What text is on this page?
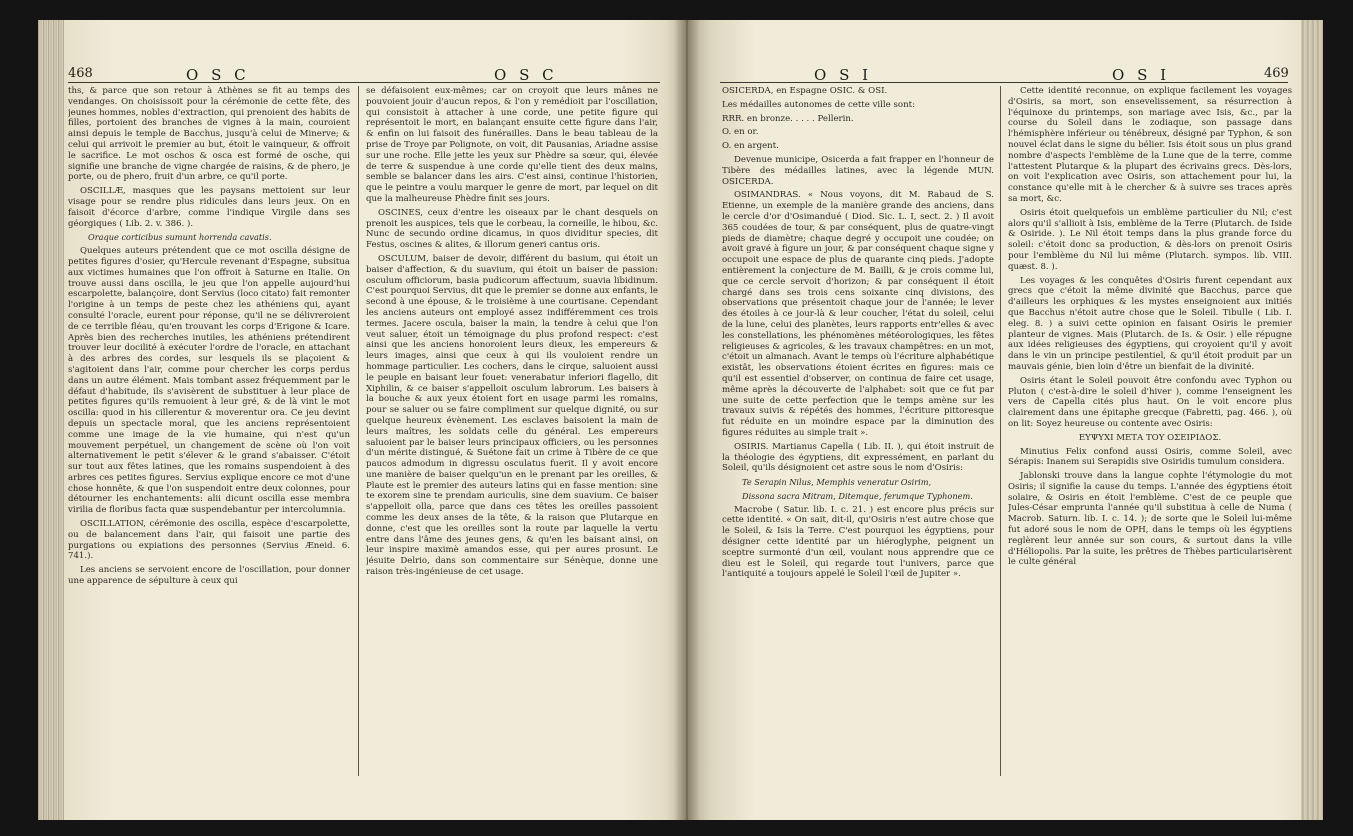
468	O S C	O S C

ths, & parce que son retour à Athènes se fit au temps des vendanges. On choisissoit pour la cérémonie de cette fête, des jeunes hommes, nobles d'extraction, qui prenoient des habits de filles, portoient des branches de vignes à la main, couroient ainsi depuis le temple de Bacchus, jusqu'à celui de Minerve; & celui qui arrivoit le premier au but, étoit le vainqueur, & offroit le sacrifice. Le mot oschos & osca est formé de osche, qui signifie une branche de vigne chargée de raisins, & de phero, je porte, ou de phero, fruit d'un arbre, ce qu'il porte.

OSCILLÆ, masques que les paysans mettoient sur leur visage pour se rendre plus ridicules dans leurs jeux. On en faisoit d'écorce d'arbre, comme l'indique Virgile dans ses géorgiques ( Lib. 2. v. 386. ).

Oraque corticibus sumunt horrenda cavatis.

Quelques auteurs prétendent que ce mot oscilla désigne de petites figures d'osier, qu'Hercule revenant d'Espagne, subsitua aux victimes humaines que l'on offroit à Saturne en Italie. On trouve aussi dans oscilla, le jeu que l'on appelle aujourd'hui escarpolette, balançoire, dont Servius (loco citato) fait remonter l'origine à un temps de peste chez les athéniens qui, ayant consulté l'oracle, eurent pour réponse, qu'il ne se délivreroient de ce terrible fléau, qu'en trouvant les corps d'Erigone & Icare. Après bien des recherches inutiles, les athéniens prétendirent trouver leur docilité à exécuter l'ordre de l'oracle, en attachant à des arbres des cordes, sur lesquels ils se plaçoient & s'agitoient dans l'air, comme pour chercher les corps perdus dans un autre élément. Mais tombant assez fréquemment par le défaut d'habitude, ils s'avisèrent de substituer à leur place de petites figures qu'ils remuoient à leur gré, & de là vint le mot oscilla: quod in his cillerentur & moverentur ora. Ce jeu devint depuis un spectacle moral, que les anciens représentoient comme une image de la vie humaine, qui n'est qu'un mouvement perpétuel, un changement de scène où l'on voit alternativement le petit s'élever & le grand s'abaisser. C'étoit sur tout aux fêtes latines, que les romains suspendoient à des arbres ces petites figures. Servius explique encore ce mot d'une chose honnête, & que l'on suspendoit entre deux colonnes, pour détourner les enchantements: alii dicunt oscilla esse membra virilia de floribus facta quæ suspendebantur per intercolumnia.

OSCILLATION, cérémonie des oscilla, espèce d'escarpolette, ou de balancement dans l'air, qui faisoit une partie des purgations ou expiations des personnes (Servius Æneid. 6. 741.).

Les anciens se servoient encore de l'oscillation, pour donner une apparence de sépulture à ceux qui

se défaisoient eux-mêmes; car on croyoit que leurs mânes ne pouvoient jouir d'aucun repos, & l'on y remédioit par l'oscillation, qui consistoit à attacher à une corde, une petite figure qui représentoit le mort, en balançant ensuite cette figure dans l'air, & enfin on lui faisoit des funérailles. Dans le beau tableau de la prise de Troye par Polignote, on voit, dit Pausanias, Ariadne assise sur une roche. Elle jette les yeux sur Phèdre sa sœur, qui, élevée de terre & suspendue à une corde qu'elle tient des deux mains, semble se balancer dans les airs. C'est ainsi, continue l'historien, que le peintre a voulu marquer le genre de mort, par lequel on dit que la malheureuse Phèdre finit ses jours.

OSCINES, ceux d'entre les oiseaux par le chant desquels on prenoit les auspices, tels que le corbeau, la corneille, le hibou, &c. Nunc de secundo ordine dicamus, in quos dividitur species, dit Festus, oscines & alites, & illorum generi cantus oris.

OSCULUM, baiser de devoir, différent du basium, qui étoit un baiser d'affection, & du suavium, qui étoit un baiser de passion: osculum officiorum, basia pudicorum affectuum, suavia libidinum. C'est pourquoi Servius, dit que le premier se donne aux enfants, le second à une épouse, & le troisième à une courtisane. Cependant les anciens auteurs ont employé assez indifféremment ces trois termes. Jacere oscula, baiser la main, la tendre à celui que l'on veut saluer, étoit un témoignage du plus profond respect: c'est ainsi que les anciens honoroient leurs dieux, les empereurs & leurs images, ainsi que ceux à qui ils vouloient rendre un hommage particulier. Les cochers, dans le cirque, saluoient aussi le peuple en baisant leur fouet: venerabatur inferiori flagello, dit Xiphilin, & ce baiser s'appelloit osculum labrorum. Les baisers à la bouche & aux yeux étoient fort en usage parmi les romains, pour se saluer ou se faire compliment sur quelque dignité, ou sur quelque heureux évènement. Les esclaves baisoient la main de leurs maîtres, les soldats celle du général. Les empereurs saluoient par le baiser leurs principaux officiers, ou les personnes d'un mérite distingué, & Suétone fait un crime à Tibère de ce que paucos admodum in digressu osculatus fuerit. Il y avoit encore une manière de baiser quelqu'un en le prenant par les oreilles, & Plaute est le premier des auteurs latins qui en fasse mention: sine te exorem sine te prendam auriculis, sine dem suavium. Ce baiser s'appelloit olla, parce que dans ces têtes les oreilles passoient comme les deux anses de la tête, & la raison que Plutarque en donne, c'est que les oreilles sont la route par laquelle la vertu entre dans l'âme des jeunes gens, & qu'en les baisant ainsi, on leur inspire maximè amandos esse, qui per aures prosunt. Le jésuite Delrio, dans son commentaire sur Sénèque, donne une raison très-ingénieuse de cet usage.

O S I	O S I	469

OSICERDA, en Espagne OSIC. & OSI.

Les médailles autonomes de cette ville sont:

RRR. en bronze. . . . . Pellerin.

O. en or.

O. en argent.

Devenue municipe, Osicerda a fait frapper en l'honneur de Tibère des médailles latines, avec la légende MUN. OSICERDA.

OSIMANDRAS. « Nous voyons, dit M. Rabaud de S. Etienne, un exemple de la manière grande des anciens, dans le cercle d'or d'Osimandué ( Diod. Sic. L. I, sect. 2. ) Il avoit 365 coudées de tour, & par conséquent, plus de quatre-vingt pieds de diamètre; chaque degré y occupoit une coudée; on avoit gravé à figure un jour, & par conséquent chaque signe y occupoit une espace de plus de quarante cinq pieds. J'adopte entièrement la conjecture de M. Bailli, & je crois comme lui, que ce cercle servoit d'horizon; & par conséquent il étoit chargé dans ses trois cens soixante cinq divisions, des observations que présentoit chaque jour de l'année; le lever des étoiles à ce jour-là & leur coucher, l'état du soleil, celui de la lune, celui des planètes, leurs rapports entr'elles & avec les constellations, les phénomènes météorologiques, les fêtes religieuses & agricoles, & les travaux champêtres: en un mot, c'étoit un almanach. Avant le temps où l'écriture alphabétique existât, les observations étoient écrites en figures: mais ce qu'il est essentiel d'observer, on continua de faire cet usage, même après la découverte de l'alphabet: soit que ce fut par une suite de cette perfection que le temps amène sur les travaux suivis & répétés des hommes, l'écriture pittoresque fut réduite en un moindre espace par la diminution des figures réduites au simple trait ».

OSIRIS. Martianus Capella ( Lib. II. ), qui étoit instruit de la théologie des égyptiens, dit expressément, en parlant du Soleil, qu'ils désignoient cet astre sous le nom d'Osiris:

Te Serapin Nilus, Memphis veneratur Osirim,

Dissona sacra Mitram, Ditemque, ferumque Typhonem.

Macrobe ( Satur. lib. I. c. 21. ) est encore plus précis sur cette identité. « On sait, dit-il, qu'Osiris n'est autre chose que le Soleil, & Isis la Terre. C'est pourquoi les égyptiens, pour désigner cette identité par un hiéroglyphe, peignent un sceptre surmonté d'un œil, voulant nous apprendre que ce dieu est le Soleil, qui regarde tout l'univers, parce que l'antiquité a toujours appelé le Soleil l'œil de Jupiter ».

Cette identité reconnue, on explique facilement les voyages d'Osiris, sa mort, son ensevelissement, sa résurrection à l'équinoxe du printemps, son mariage avec Isis, &c., par la course du Soleil dans le zodiaque, son passage dans l'hémisphère inférieur ou ténébreux, désigné par Typhon, & son nouvel éclat dans le signe du bélier. Isis étoit sous un plus grand nombre d'aspects l'emblème de la Lune que de la terre, comme l'attestent Plutarque & la plupart des écrivains grecs. Dès-lors, on voit l'explication avec Osiris, son attachement pour lui, la constance qu'elle mit à le chercher & à suivre ses traces après sa mort, &c.

Osiris étoit quelquefois un emblème particulier du Nil; c'est alors qu'il s'allioit à Isis, emblème de la Terre (Plutarch. de Iside & Osiride. ). Le Nil étoit temps dans la plus grande force du soleil: c'étoit donc sa production, & dès-lors on prenoit Osiris pour l'emblème du Nil lui même (Plutarch. sympos. lib. VIII. quæst. 8. ).

Les voyages & les conquêtes d'Osiris furent cependant aux grecs que c'étoit la même divinité que Bacchus, parce que d'ailleurs les orphiques & les mystes enseignoient aux initiés que Bacchus n'étoit autre chose que le Soleil. Tibulle ( Lib. I. eleg. 8. ) a suivi cette opinion en faisant Osiris le premier planteur de vignes. Mais (Plutarch. de Is. & Osir. ) elle répugne aux idées religieuses des égyptiens, qui croyoient qu'il y avoit dans le vin un principe pestilentiel, & qu'il étoit produit par un mauvais génie, bien loin d'être un bienfait de la divinité.

Osiris étant le Soleil pouvoit être confondu avec Typhon ou Pluton ( c'est-à-dire le soleil d'hiver ), comme l'enseignent les vers de Capella cités plus haut. On le voit encore plus clairement dans une épitaphe grecque (Fabretti, pag. 466. ), où on lit: Soyez heureuse ou contente avec Osiris:

ΕΥΨΥΧΙ ΜΕΤΑ ΤΟΥ ΟΣΕΙΡΙΔΟΣ.

Minutius Felix confond aussi Osiris, comme Soleil, avec Sérapis: Inanem sui Serapidis sive Osiridis tumulum considera.

Jablonski trouve dans la langue cophte l'étymologie du mot Osiris; il signifie la cause du temps. L'année des égyptiens étoit solaire, & Osiris en étoit l'emblème. C'est de ce peuple que Jules-César emprunta l'année qu'il substitua à celle de Numa ( Macrob. Saturn. lib. I. c. 14. ); de sorte que le Soleil lui-même fut adoré sous le nom de OPH, dans le temps où les égyptiens reglèrent leur année sur son cours, & surtout dans la ville d'Héliopolis. Par la suite, les prêtres de Thèbes particularisèrent le culte général
